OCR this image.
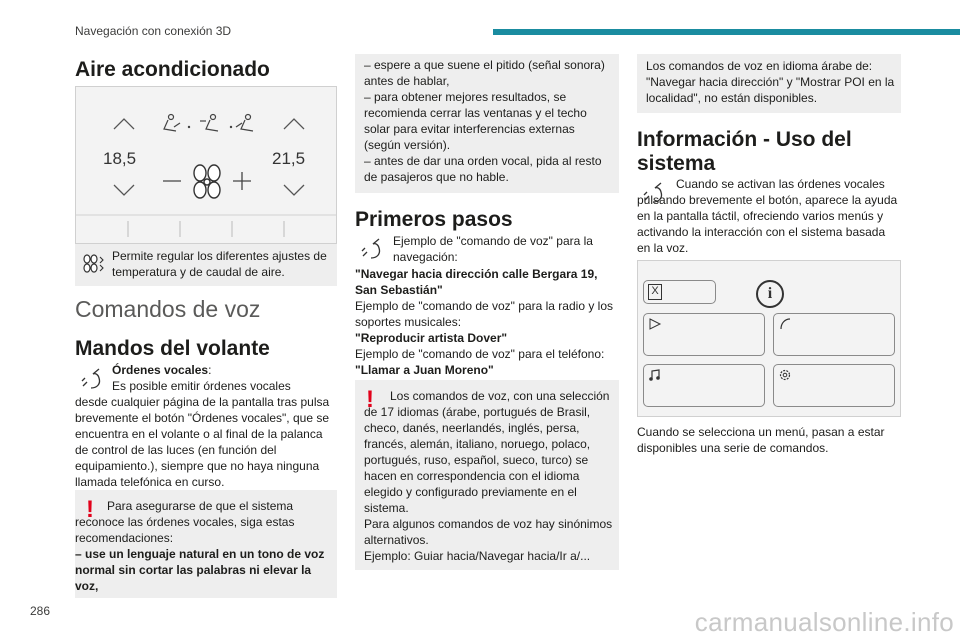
Navegación con conexión 3D
Aire acondicionado
18,5	21,5
Permite regular los diferentes ajustes de temperatura y de caudal de aire.
Comandos de voz
Mandos del volante
Órdenes vocales:
Es posible emitir órdenes vocales
desde cualquier página de la pantalla tras pulsa brevemente el botón "Órdenes vocales", que se encuentra en el volante o al final de la palanca de control de las luces (en función del equipamiento.), siempre que no haya ninguna llamada telefónica en curso.
!	Para asegurarse de que el sistema reconoce las órdenes vocales, siga estas recomendaciones:

– use un lenguaje natural en un tono de voz normal sin cortar las palabras ni elevar la voz,
– espere a que suene el pitido (señal sonora) antes de hablar,
– para obtener mejores resultados, se recomienda cerrar las ventanas y el techo solar para evitar interferencias externas (según versión).
– antes de dar una orden vocal, pida al resto de pasajeros que no hable.
Primeros pasos
Ejemplo de "comando de voz" para la navegación:
"Navegar hacia dirección calle Bergara 19, San Sebastián"
Ejemplo de "comando de voz" para la radio y los soportes musicales:
"Reproducir artista Dover"
Ejemplo de "comando de voz" para el teléfono:
"Llamar a Juan Moreno"
!	Los comandos de voz, con una selección de 17 idiomas (árabe, portugués de Brasil, checo, danés, neerlandés, inglés, persa, francés, alemán, italiano, noruego, polaco, portugués, ruso, español, sueco, turco) se hacen en correspondencia con el idioma elegido y configurado previamente en el sistema.

Para algunos comandos de voz hay sinónimos alternativos.
Ejemplo: Guiar hacia/Navegar hacia/Ir a/...
Los comandos de voz en idioma árabe de: "Navegar hacia dirección" y "Mostrar POI en la localidad", no están disponibles.
Información - Uso del
sistema
Cuando se activan las órdenes vocales pulsando brevemente el botón, aparece la ayuda en la pantalla táctil, ofreciendo varios menús y activando la interacción con el sistema basada en la voz.
X	i
Cuando se selecciona un menú, pasan a estar disponibles una serie de comandos.
286	carmanualsonline.info
